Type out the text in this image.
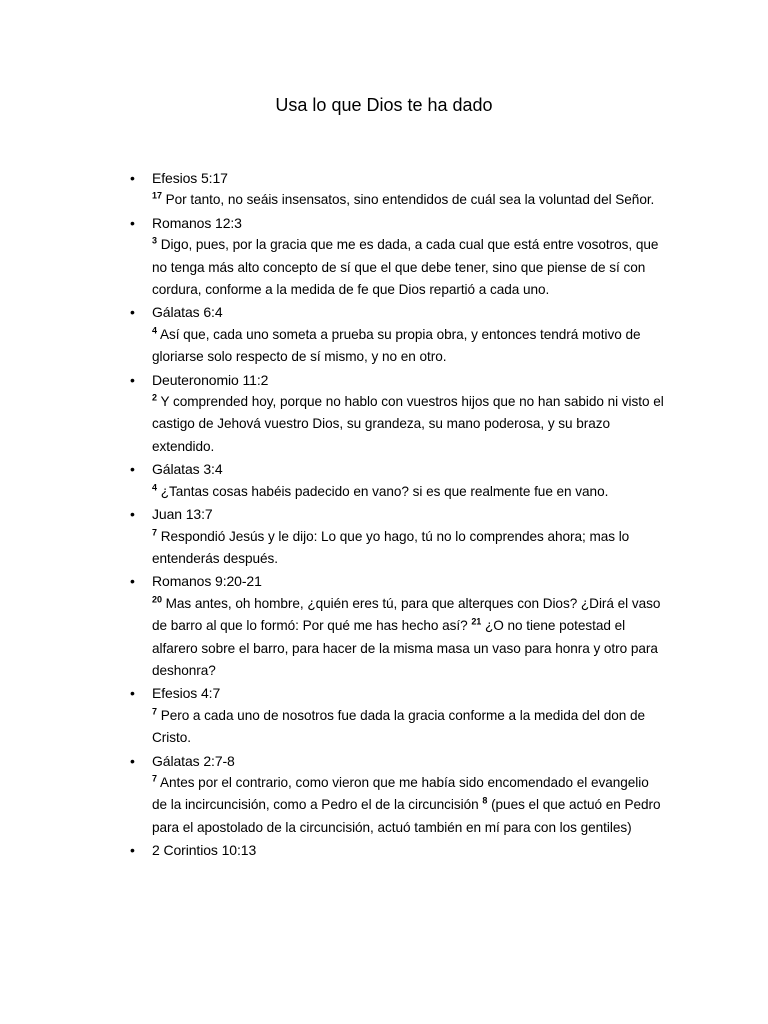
Usa lo que Dios te ha dado
• Efesios 5:17
$^{17}$ Por tanto, no seáis insensatos, sino entendidos de cuál sea la voluntad del Señor.
• Romanos 12:3
$^3$ Digo, pues, por la gracia que me es dada, a cada cual que está entre vosotros, que no tenga más alto concepto de sí que el que debe tener, sino que piense de sí con cordura, conforme a la medida de fe que Dios repartió a cada uno.
• Gálatas 6:4
$^4$ Así que, cada uno someta a prueba su propia obra, y entonces tendrá motivo de gloriarse solo respecto de sí mismo, y no en otro.
• Deuteronomio 11:2
$^2$ Y comprended hoy, porque no hablo con vuestros hijos que no han sabido ni visto el castigo de Jehová vuestro Dios, su grandeza, su mano poderosa, y su brazo extendido.
• Gálatas 3:4
$^4$ ¿Tantas cosas habéis padecido en vano? si es que realmente fue en vano.
• Juan 13:7
$^7$ Respondió Jesús y le dijo: Lo que yo hago, tú no lo comprendes ahora; mas lo entenderás después.
• Romanos 9:20-21
$^{20}$ Mas antes, oh hombre, ¿quién eres tú, para que alterques con Dios? ¿Dirá el vaso de barro al que lo formó: Por qué me has hecho así? $^{21}$ ¿O no tiene potestad el alfarero sobre el barro, para hacer de la misma masa un vaso para honra y otro para deshonra?
• Efesios 4:7
$^7$ Pero a cada uno de nosotros fue dada la gracia conforme a la medida del don de Cristo.
• Gálatas 2:7-8
$^7$ Antes por el contrario, como vieron que me había sido encomendado el evangelio de la incircuncisión, como a Pedro el de la circuncisión $^8$ (pues el que actuó en Pedro para el apostolado de la circuncisión, actuó también en mí para con los gentiles)
• 2 Corintios 10:13
